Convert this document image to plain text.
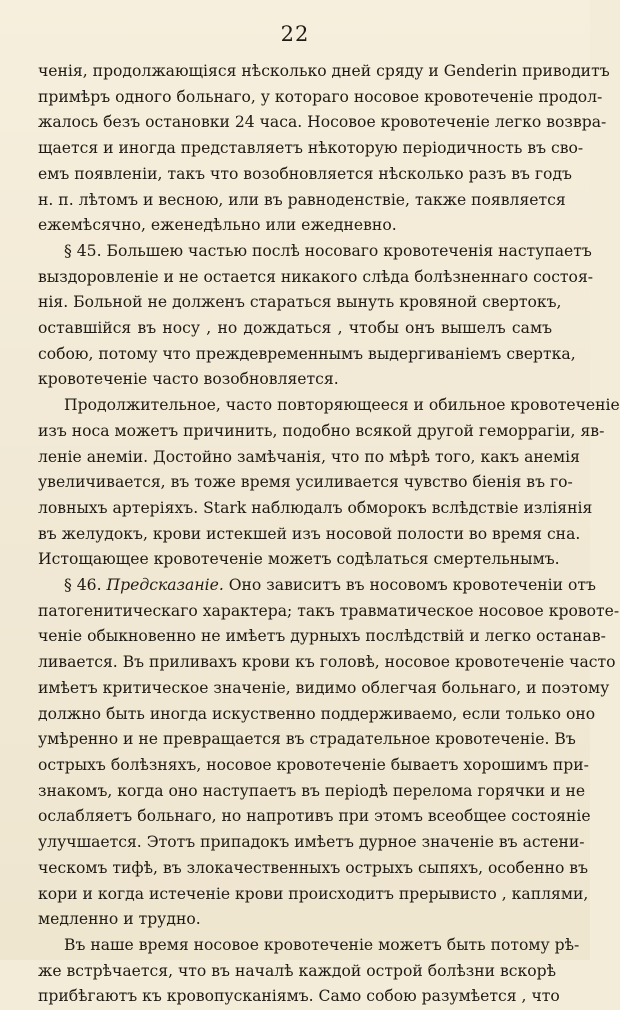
22
ченія, продолжающіяся нѣсколько дней сряду и Genderin приводитъ
примѣръ одного больнаго, у котораго носовое кровотеченіе продол-
жалось безъ остановки 24 часа. Носовое кровотеченіе легко возвра-
щается и иногда представляетъ нѣкоторую періодичность въ сво-
емъ появленіи, такъ что возобновляется нѣсколько разъ въ годъ
н. п. лѣтомъ и весною, или въ равноденствіе, также появляется
ежемѣсячно, еженедѣльно или ежедневно.
§ 45. Большею частью послѣ носоваго кровотеченія наступаетъ
выздоровленіе и не остается никакого слѣда болѣзненнаго состоя-
нія. Больной не долженъ стараться вынуть кровяной свертокъ,
оставшійся въ носу , но дождаться , чтобы онъ вышелъ самъ
собою, потому что преждевременнымъ выдергиваніемъ свертка,
кровотеченіе часто возобновляется.
Продолжительное, часто повторяющееся и обильное кровотеченіе
изъ носа можетъ причинить, подобно всякой другой геморрагіи, яв-
леніе анеміи. Достойно замѣчанія, что по мѣрѣ того, какъ анемія
увеличивается, въ тоже время усиливается чувство біенія въ го-
ловныхъ артеріяхъ. Stark наблюдалъ обморокъ вслѣдствіе изліянія
въ желудокъ, крови истекшей изъ носовой полости во время сна.
Истощающее кровотеченіе можетъ содѣлаться смертельнымъ.
§ 46. Предсказаніе. Оно зависитъ въ носовомъ кровотеченіи отъ
патогенитическаго характера; такъ травматическое носовое кровоте-
ченіе обыкновенно не имѣетъ дурныхъ послѣдствій и легко останав-
ливается. Въ приливахъ крови къ головѣ, носовое кровотеченіе часто
имѣетъ критическое значеніе, видимо облегчая больнаго, и поэтому
должно быть иногда искуственно поддерживаемо, если только оно
умѣренно и не превращается въ страдательное кровотеченіе. Въ
острыхъ болѣзняхъ, носовое кровотеченіе бываетъ хорошимъ при-
знакомъ, когда оно наступаетъ въ періодѣ перелома горячки и не
ослабляетъ больнаго, но напротивъ при этомъ всеобщее состояніе
улучшается. Этотъ припадокъ имѣетъ дурное значеніе въ астени-
ческомъ тифѣ, въ злокачественныхъ острыхъ сыпяхъ, особенно въ
кори и когда истеченіе крови происходитъ прерывисто , каплями,
медленно и трудно.
Въ наше время носовое кровотеченіе можетъ быть потому рѣ-
же встрѣчается, что въ началѣ каждой острой болѣзни вскорѣ
прибѣгаютъ къ кровопусканіямъ. Само собою разумѣется , что
